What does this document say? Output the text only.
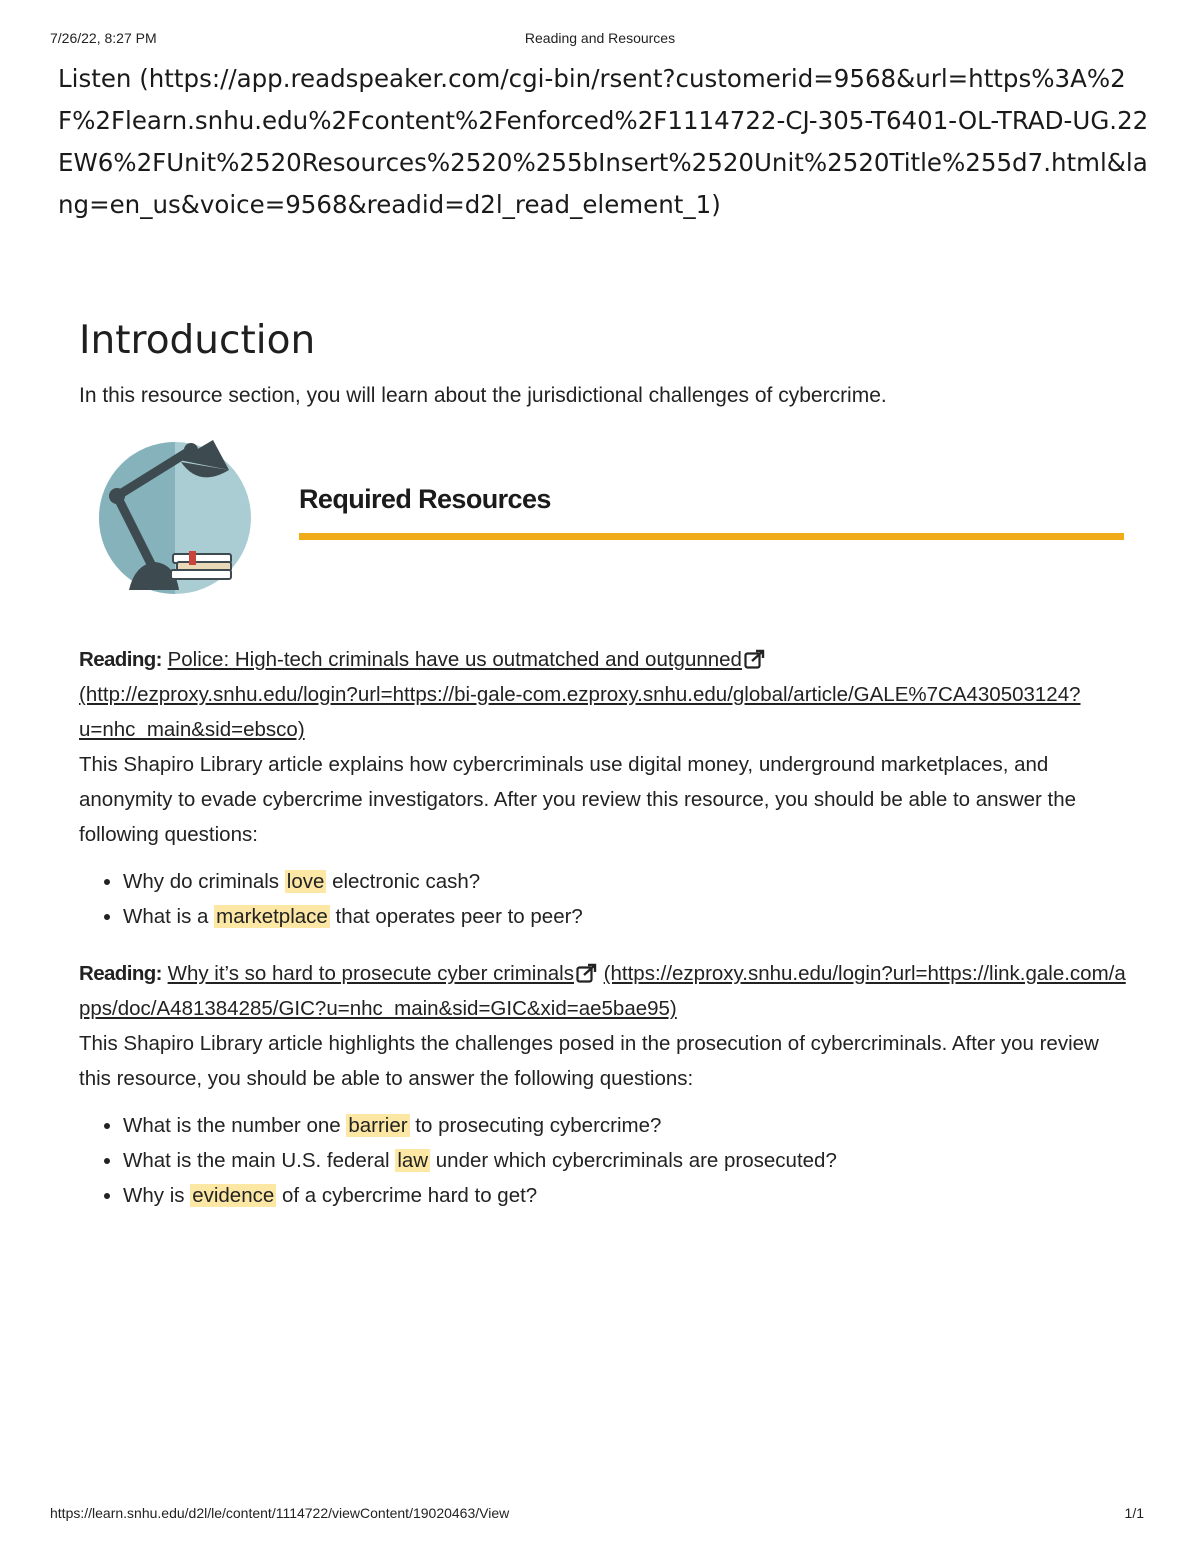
7/26/22, 8:27 PM	Reading and Resources
Listen (https://app.readspeaker.com/cgi-bin/rsent?customerid=9568&url=https%3A%2F%2Flearn.snhu.edu%2Fcontent%2Fenforced%2F1114722-CJ-305-T6401-OL-TRAD-UG.22EW6%2FUnit%2520Resources%2520%255bInsert%2520Unit%2520Title%255d7.html&lang=en_us&voice=9568&readid=d2l_read_element_1)
Introduction
In this resource section, you will learn about the jurisdictional challenges of cybercrime.
Required Resources
Reading: Police: High-tech criminals have us outmatched and outgunned
(http://ezproxy.snhu.edu/login?url=https://bi-gale-com.ezproxy.snhu.edu/global/article/GALE%7CA430503124?u=nhc_main&sid=ebsco)
This Shapiro Library article explains how cybercriminals use digital money, underground marketplaces, and anonymity to evade cybercrime investigators. After you review this resource, you should be able to answer the following questions:
• Why do criminals love electronic cash?
• What is a marketplace that operates peer to peer?
Reading: Why it’s so hard to prosecute cyber criminals (https://ezproxy.snhu.edu/login?url=https://link.gale.com/apps/doc/A481384285/GIC?u=nhc_main&sid=GIC&xid=ae5bae95)
This Shapiro Library article highlights the challenges posed in the prosecution of cybercriminals. After you review this resource, you should be able to answer the following questions:
• What is the number one barrier to prosecuting cybercrime?
• What is the main U.S. federal law under which cybercriminals are prosecuted?
• Why is evidence of a cybercrime hard to get?
https://learn.snhu.edu/d2l/le/content/1114722/viewContent/19020463/View	1/1
